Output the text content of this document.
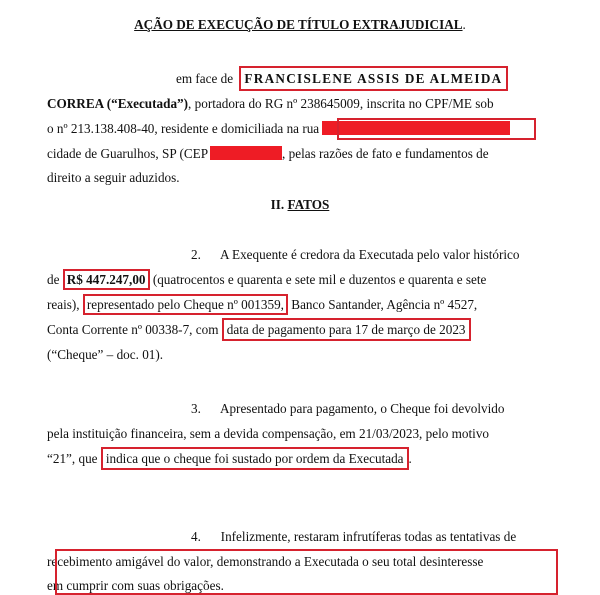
AÇÃO DE EXECUÇÃO DE TÍTULO EXTRAJUDICIAL.
em face de FRANCISLENE ASSIS DE ALMEIDA
CORREA (“Executada”), portadora do RG nº 238645009, inscrita no CPF/ME sob
o nº 213.138.408-40, residente e domiciliada na rua
cidade de Guarulhos, SP (CEP	, pelas razões de fato e fundamentos de
direito a seguir aduzidos.
II. FATOS
2.      A Exequente é credora da Executada pelo valor histórico
de R$ 447.247,00 (quatrocentos e quarenta e sete mil e duzentos e quarenta e sete
reais), representado pelo Cheque nº 001359, Banco Santander, Agência nº 4527,
Conta Corrente nº 00338-7, com data de pagamento para 17 de março de 2023
(“Cheque” – doc. 01).
3.      Apresentado para pagamento, o Cheque foi devolvido
pela instituição financeira, sem a devida compensação, em 21/03/2023, pelo motivo
“21”, que indica que o cheque foi sustado por ordem da Executada .
4.      Infelizmente, restaram infrutíferas todas as tentativas de
recebimento amigável do valor, demonstrando a Executada o seu total desinteresse
em cumprir com suas obrigações.
